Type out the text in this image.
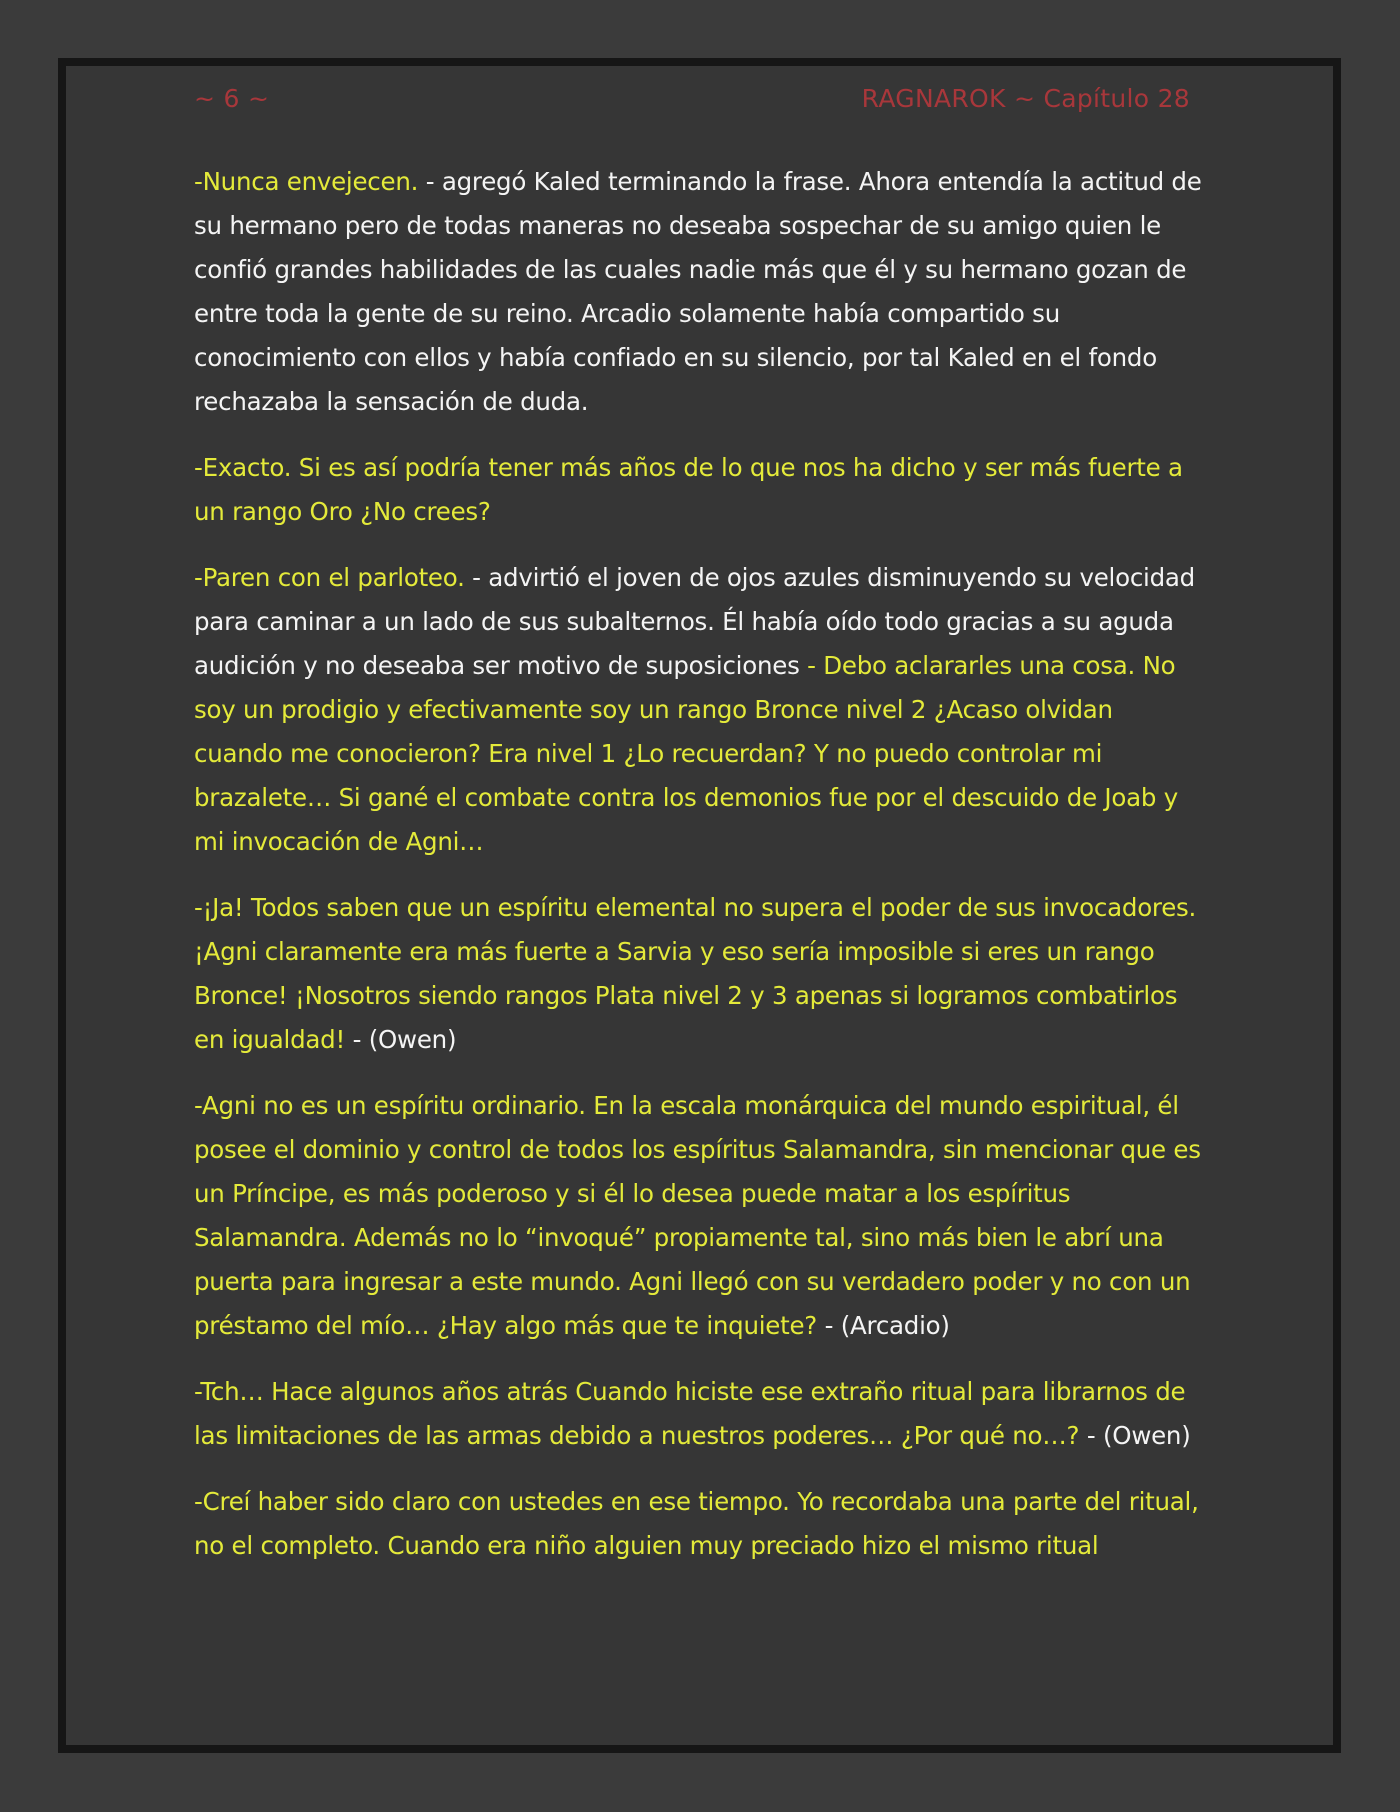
~ 6 ~	RAGNAROK ~ Capítulo 28

-Nunca envejecen. - agregó Kaled terminando la frase. Ahora entendía la actitud de su hermano pero de todas maneras no deseaba sospechar de su amigo quien le confió grandes habilidades de las cuales nadie más que él y su hermano gozan de entre toda la gente de su reino. Arcadio solamente había compartido su conocimiento con ellos y había confiado en su silencio, por tal Kaled en el fondo rechazaba la sensación de duda.

-Exacto. Si es así podría tener más años de lo que nos ha dicho y ser más fuerte a un rango Oro ¿No crees?

-Paren con el parloteo. - advirtió el joven de ojos azules disminuyendo su velocidad para caminar a un lado de sus subalternos. Él había oído todo gracias a su aguda audición y no deseaba ser motivo de suposiciones - Debo aclararles una cosa. No soy un prodigio y efectivamente soy un rango Bronce nivel 2 ¿Acaso olvidan cuando me conocieron? Era nivel 1 ¿Lo recuerdan? Y no puedo controlar mi brazalete… Si gané el combate contra los demonios fue por el descuido de Joab y mi invocación de Agni…

-¡Ja! Todos saben que un espíritu elemental no supera el poder de sus invocadores. ¡Agni claramente era más fuerte a Sarvia y eso sería imposible si eres un rango Bronce! ¡Nosotros siendo rangos Plata nivel 2 y 3 apenas si logramos combatirlos en igualdad! - (Owen)

-Agni no es un espíritu ordinario. En la escala monárquica del mundo espiritual, él posee el dominio y control de todos los espíritus Salamandra, sin mencionar que es un Príncipe, es más poderoso y si él lo desea puede matar a los espíritus Salamandra. Además no lo “invoqué” propiamente tal, sino más bien le abrí una puerta para ingresar a este mundo. Agni llegó con su verdadero poder y no con un préstamo del mío… ¿Hay algo más que te inquiete? - (Arcadio)

-Tch… Hace algunos años atrás Cuando hiciste ese extraño ritual para librarnos de las limitaciones de las armas debido a nuestros poderes… ¿Por qué no…? - (Owen)

-Creí haber sido claro con ustedes en ese tiempo. Yo recordaba una parte del ritual, no el completo. Cuando era niño alguien muy preciado hizo el mismo ritual
